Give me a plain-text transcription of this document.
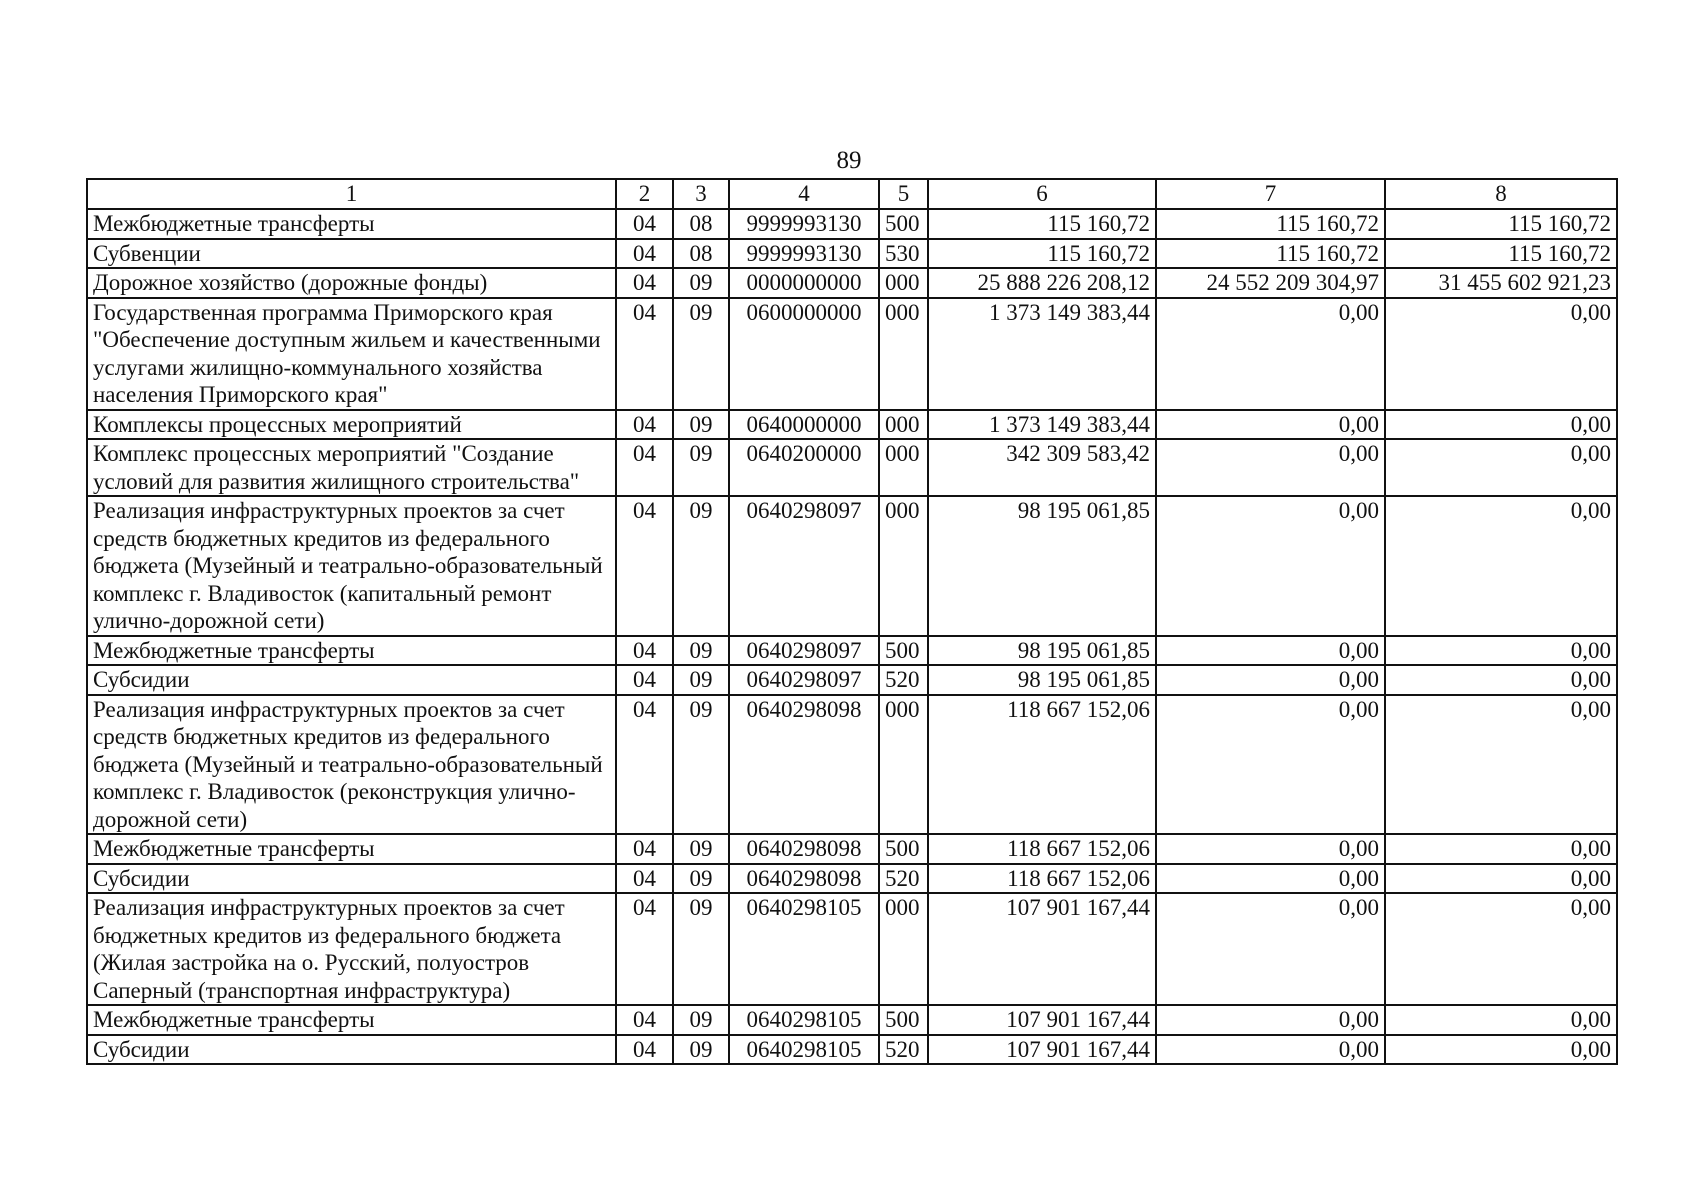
89
1	2	3	4	5	6	7	8
Межбюджетные трансферты	04	08	9999993130	500	115 160,72	115 160,72	115 160,72
Субвенции	04	08	9999993130	530	115 160,72	115 160,72	115 160,72
Дорожное хозяйство (дорожные фонды)	04	09	0000000000	000	25 888 226 208,12	24 552 209 304,97	31 455 602 921,23
Государственная программа Приморского края "Обеспечение доступным жильем и качественными услугами жилищно-коммунального хозяйства населения Приморского края"	04	09	0600000000	000	1 373 149 383,44	0,00	0,00
Комплексы процессных мероприятий	04	09	0640000000	000	1 373 149 383,44	0,00	0,00
Комплекс процессных мероприятий "Создание условий для развития жилищного строительства"	04	09	0640200000	000	342 309 583,42	0,00	0,00
Реализация инфраструктурных проектов за счет средств бюджетных кредитов из федерального бюджета (Музейный и театрально-образовательный комплекс г. Владивосток (капитальный ремонт улично-дорожной сети)	04	09	0640298097	000	98 195 061,85	0,00	0,00
Межбюджетные трансферты	04	09	0640298097	500	98 195 061,85	0,00	0,00
Субсидии	04	09	0640298097	520	98 195 061,85	0,00	0,00
Реализация инфраструктурных проектов за счет средств бюджетных кредитов из федерального бюджета (Музейный и театрально-образовательный комплекс г. Владивосток (реконструкция улично-дорожной сети)	04	09	0640298098	000	118 667 152,06	0,00	0,00
Межбюджетные трансферты	04	09	0640298098	500	118 667 152,06	0,00	0,00
Субсидии	04	09	0640298098	520	118 667 152,06	0,00	0,00
Реализация инфраструктурных проектов за счет бюджетных кредитов из федерального бюджета (Жилая застройка на о. Русский, полуостров Саперный (транспортная инфраструктура)	04	09	0640298105	000	107 901 167,44	0,00	0,00
Межбюджетные трансферты	04	09	0640298105	500	107 901 167,44	0,00	0,00
Субсидии	04	09	0640298105	520	107 901 167,44	0,00	0,00
